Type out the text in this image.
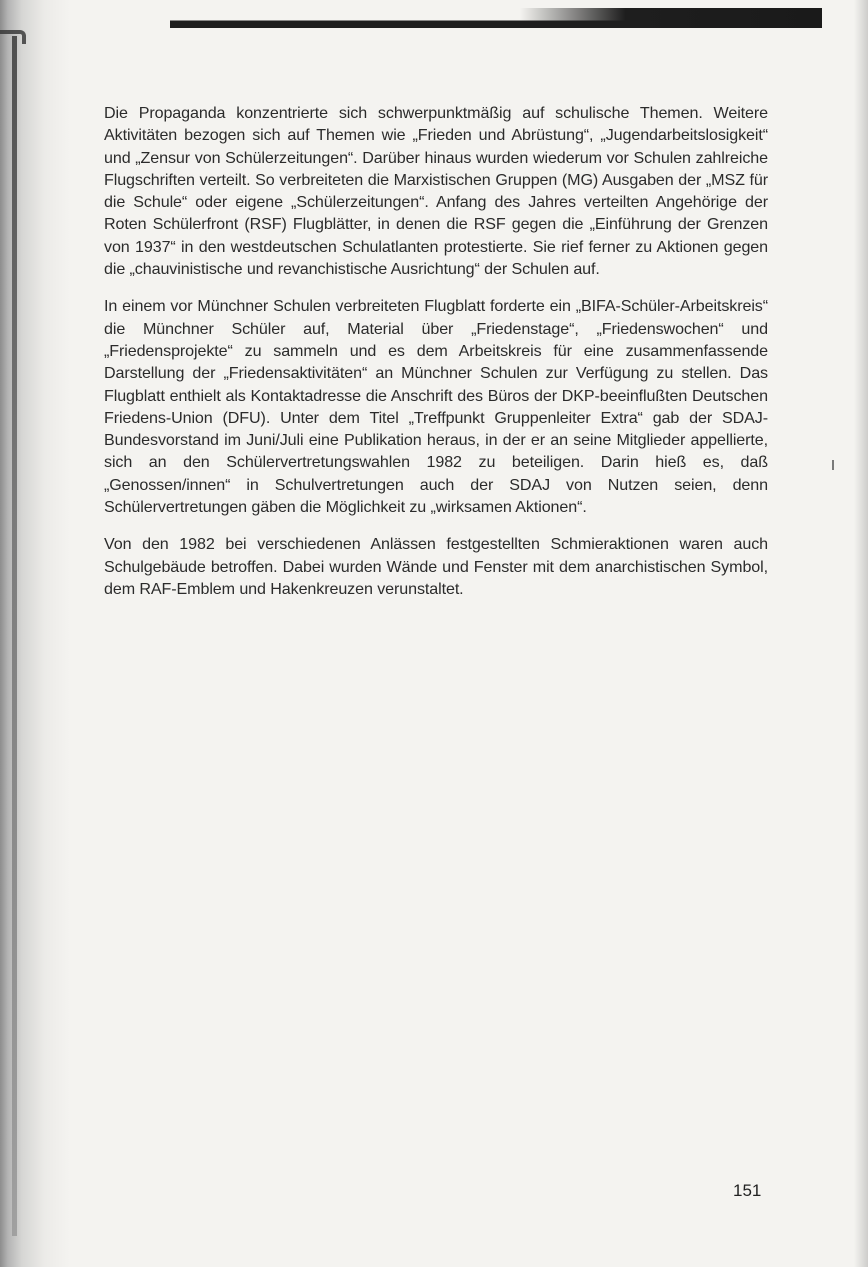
Die Propaganda konzentrierte sich schwerpunktmäßig auf schulische Themen. Weitere Aktivitäten bezogen sich auf Themen wie „Frieden und Abrüstung“, „Jugendarbeitslosigkeit“ und „Zensur von Schülerzeitungen“. Darüber hinaus wurden wiederum vor Schulen zahlreiche Flugschriften verteilt. So verbreiteten die Marxistischen Gruppen (MG) Ausgaben der „MSZ für die Schule“ oder eigene „Schülerzeitungen“. Anfang des Jahres verteilten Angehörige der Roten Schülerfront (RSF) Flugblätter, in denen die RSF gegen die „Einführung der Grenzen von 1937“ in den westdeutschen Schulatlanten protestierte. Sie rief ferner zu Aktionen gegen die „chauvinistische und revanchistische Ausrichtung“ der Schulen auf.

In einem vor Münchner Schulen verbreiteten Flugblatt forderte ein „BIFA-Schüler-Arbeitskreis“ die Münchner Schüler auf, Material über „Friedenstage“, „Friedenswochen“ und „Friedensprojekte“ zu sammeln und es dem Arbeitskreis für eine zusammenfassende Darstellung der „Friedensaktivitäten“ an Münchner Schulen zur Verfügung zu stellen. Das Flugblatt enthielt als Kontaktadresse die Anschrift des Büros der DKP-beeinflußten Deutschen Friedens-Union (DFU). Unter dem Titel „Treffpunkt Gruppenleiter Extra“ gab der SDAJ-Bundesvorstand im Juni/Juli eine Publikation heraus, in der er an seine Mitglieder appellierte, sich an den Schülervertretungswahlen 1982 zu beteiligen. Darin hieß es, daß „Genossen/innen“ in Schulvertretungen auch der SDAJ von Nutzen seien, denn Schülervertretungen gäben die Möglichkeit zu „wirksamen Aktionen“.

Von den 1982 bei verschiedenen Anlässen festgestellten Schmieraktionen waren auch Schulgebäude betroffen. Dabei wurden Wände und Fenster mit dem anarchistischen Symbol, dem RAF-Emblem und Hakenkreuzen verunstaltet.

151
